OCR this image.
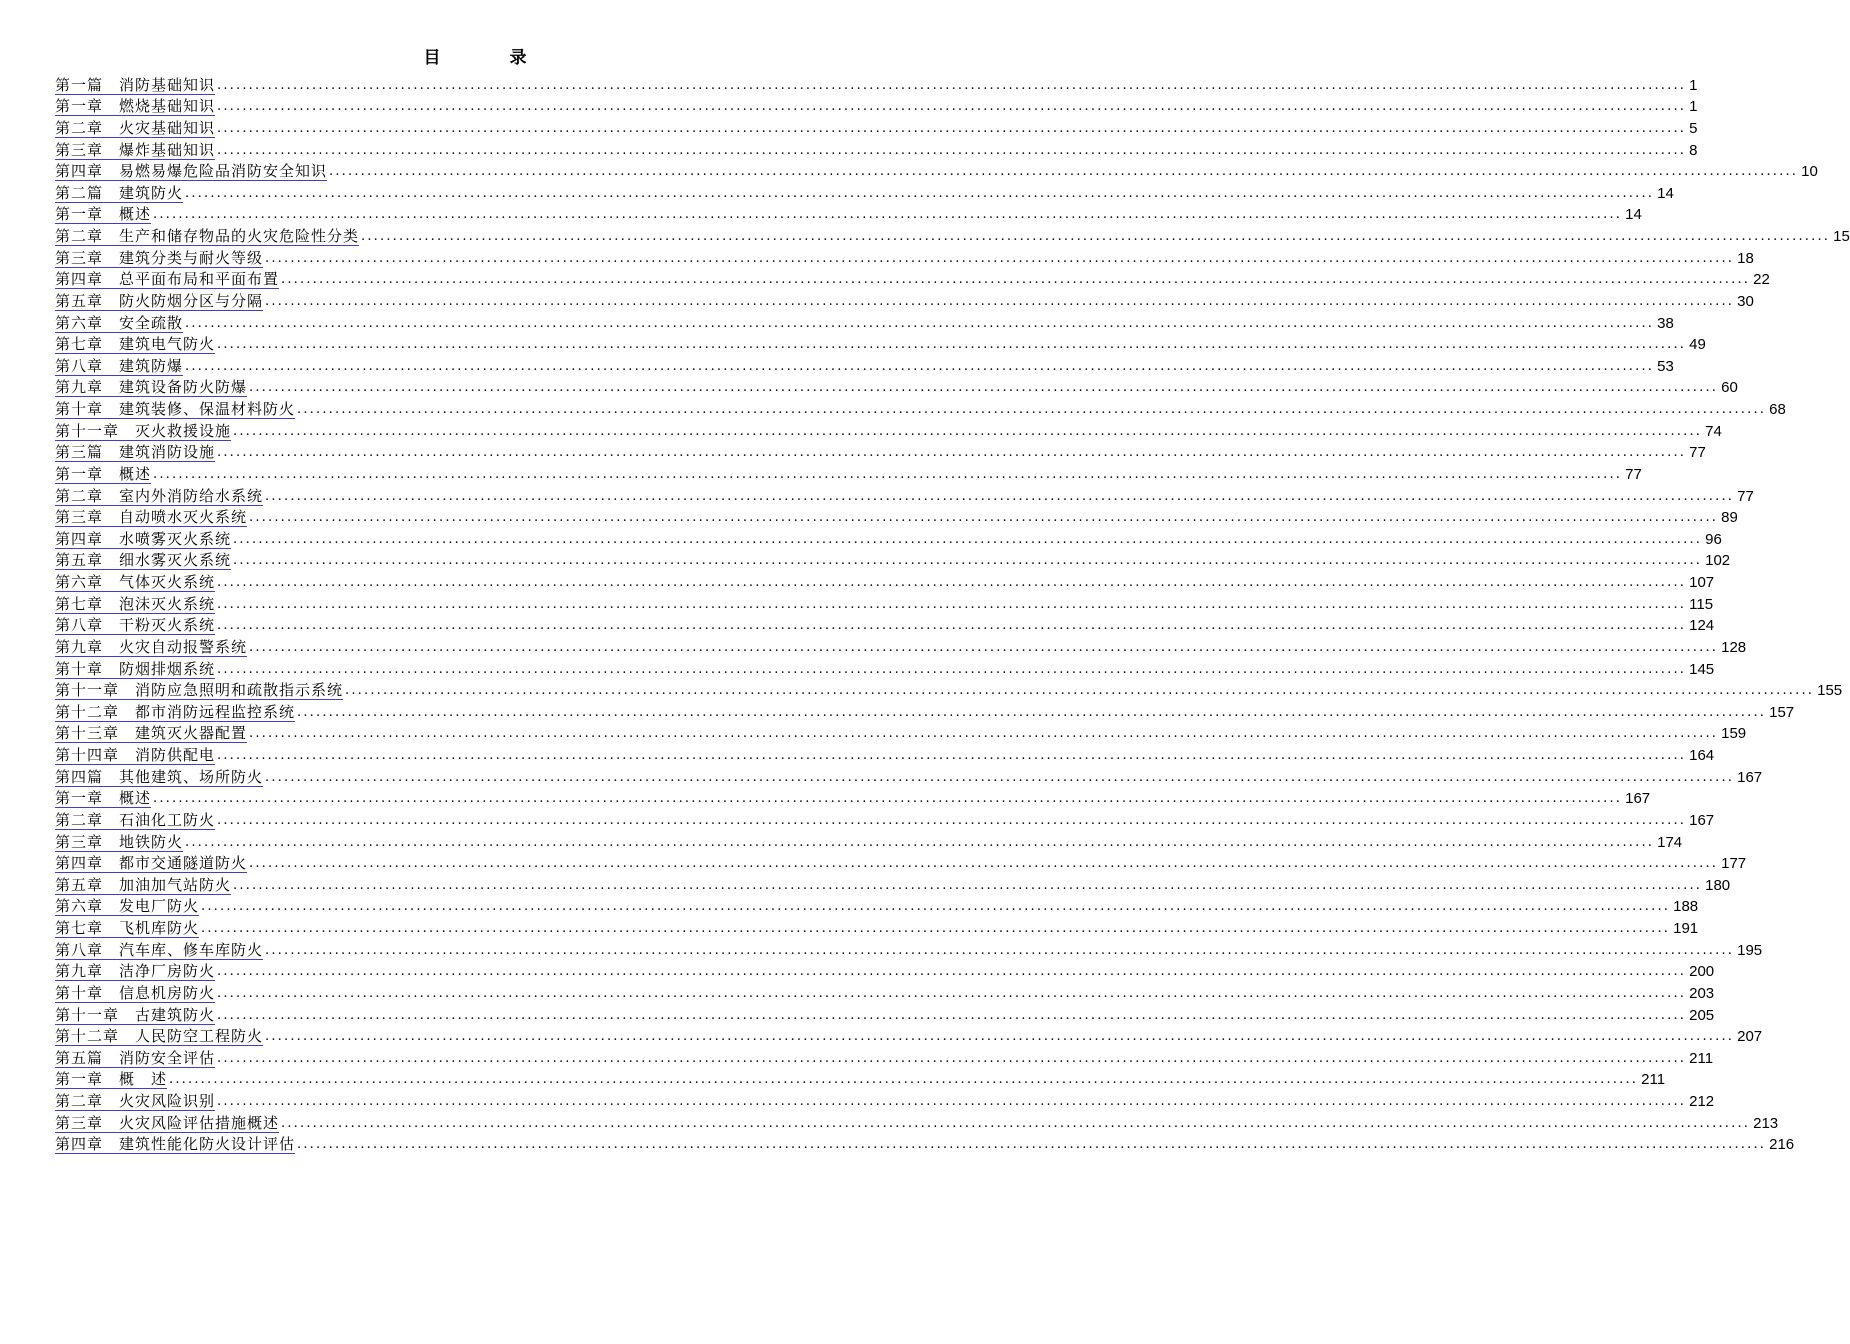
目　录
第一篇　消防基础知识 ........................................................................................................................................................................................................................................ 1
第一章　燃烧基础知识 ........................................................................................................................................................................................................................................ 1
第二章　火灾基础知识 ........................................................................................................................................................................................................................................ 5
第三章　爆炸基础知识 ........................................................................................................................................................................................................................................ 8
第四章　易燃易爆危险品消防安全知识 ........................................................................................................................................................................................................................................ 10
第二篇　建筑防火 ........................................................................................................................................................................................................................................ 14
第一章　概述 ........................................................................................................................................................................................................................................ 14
第二章　生产和储存物品的火灾危险性分类 ........................................................................................................................................................................................................................................ 15
第三章　建筑分类与耐火等级 ........................................................................................................................................................................................................................................ 18
第四章　总平面布局和平面布置 ........................................................................................................................................................................................................................................ 22
第五章　防火防烟分区与分隔 ........................................................................................................................................................................................................................................ 30
第六章　安全疏散 ........................................................................................................................................................................................................................................ 38
第七章　建筑电气防火 ........................................................................................................................................................................................................................................ 49
第八章　建筑防爆 ........................................................................................................................................................................................................................................ 53
第九章　建筑设备防火防爆 ........................................................................................................................................................................................................................................ 60
第十章　建筑装修、保温材料防火 ........................................................................................................................................................................................................................................ 68
第十一章　灭火救援设施 ........................................................................................................................................................................................................................................ 74
第三篇　建筑消防设施 ........................................................................................................................................................................................................................................ 77
第一章　概述 ........................................................................................................................................................................................................................................ 77
第二章　室内外消防给水系统 ........................................................................................................................................................................................................................................ 77
第三章　自动喷水灭火系统 ........................................................................................................................................................................................................................................ 89
第四章　水喷雾灭火系统 ........................................................................................................................................................................................................................................ 96
第五章　细水雾灭火系统 ........................................................................................................................................................................................................................................ 102
第六章　气体灭火系统 ........................................................................................................................................................................................................................................ 107
第七章　泡沫灭火系统 ........................................................................................................................................................................................................................................ 115
第八章　干粉灭火系统 ........................................................................................................................................................................................................................................ 124
第九章　火灾自动报警系统 ........................................................................................................................................................................................................................................ 128
第十章　防烟排烟系统 ........................................................................................................................................................................................................................................ 145
第十一章　消防应急照明和疏散指示系统 ........................................................................................................................................................................................................................................ 155
第十二章　都市消防远程监控系统 ........................................................................................................................................................................................................................................ 157
第十三章　建筑灭火器配置 ........................................................................................................................................................................................................................................ 159
第十四章　消防供配电 ........................................................................................................................................................................................................................................ 164
第四篇　其他建筑、场所防火 ........................................................................................................................................................................................................................................ 167
第一章　概述 ........................................................................................................................................................................................................................................ 167
第二章　石油化工防火 ........................................................................................................................................................................................................................................ 167
第三章　地铁防火 ........................................................................................................................................................................................................................................ 174
第四章　都市交通隧道防火 ........................................................................................................................................................................................................................................ 177
第五章　加油加气站防火 ........................................................................................................................................................................................................................................ 180
第六章　发电厂防火 ........................................................................................................................................................................................................................................ 188
第七章　飞机库防火 ........................................................................................................................................................................................................................................ 191
第八章　汽车库、修车库防火 ........................................................................................................................................................................................................................................ 195
第九章　洁净厂房防火 ........................................................................................................................................................................................................................................ 200
第十章　信息机房防火 ........................................................................................................................................................................................................................................ 203
第十一章　古建筑防火 ........................................................................................................................................................................................................................................ 205
第十二章　人民防空工程防火 ........................................................................................................................................................................................................................................ 207
第五篇　消防安全评估 ........................................................................................................................................................................................................................................ 211
第一章　概　述 ........................................................................................................................................................................................................................................ 211
第二章　火灾风险识别 ........................................................................................................................................................................................................................................ 212
第三章　火灾风险评估措施概述 ........................................................................................................................................................................................................................................ 213
第四章　建筑性能化防火设计评估 ........................................................................................................................................................................................................................................ 216
